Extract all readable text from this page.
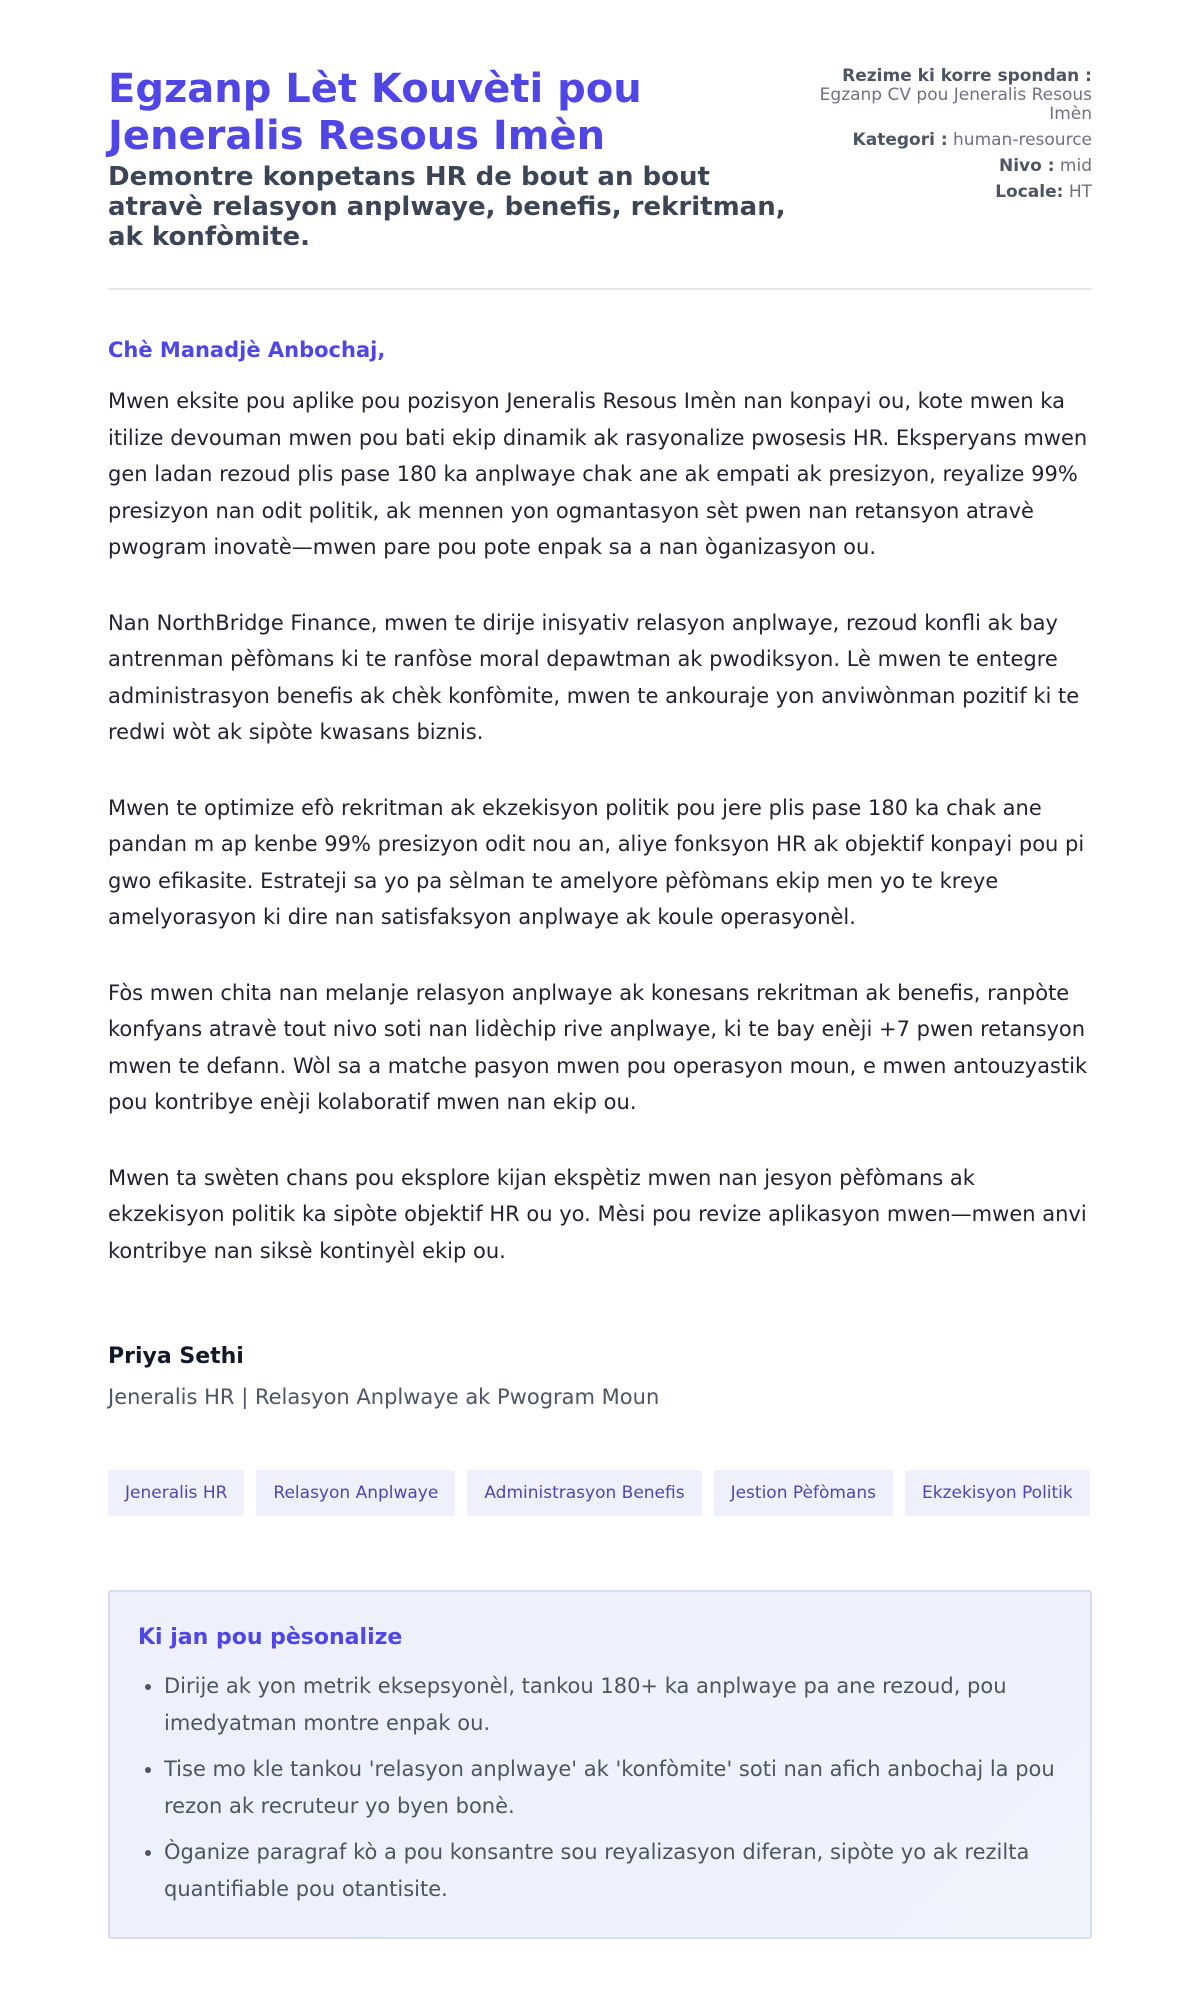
Egzanp Lèt Kouvèti pou Jeneralis Resous Imèn
Demontre konpetans HR de bout an bout atravè relasyon anplwaye, benefis, rekritman, ak konfòmite.
Rezime ki korre spondan :
Egzanp CV pou Jeneralis Resous Imèn
Kategori : human-resource
Nivo : mid
Locale: HT

Chè Manadjè Anbochaj,

Mwen eksite pou aplike pou pozisyon Jeneralis Resous Imèn nan konpayi ou, kote mwen ka itilize devouman mwen pou bati ekip dinamik ak rasyonalize pwosesis HR. Eksperyans mwen gen ladan rezoud plis pase 180 ka anplwaye chak ane ak empati ak presizyon, reyalize 99% presizyon nan odit politik, ak mennen yon ogmantasyon sèt pwen nan retansyon atravè pwogram inovatè—mwen pare pou pote enpak sa a nan òganizasyon ou.

Nan NorthBridge Finance, mwen te dirije inisyativ relasyon anplwaye, rezoud konfli ak bay antrenman pèfòmans ki te ranfòse moral depawtman ak pwodiksyon. Lè mwen te entegre administrasyon benefis ak chèk konfòmite, mwen te ankouraje yon anviwònman pozitif ki te redwi wòt ak sipòte kwasans biznis.

Mwen te optimize efò rekritman ak ekzekisyon politik pou jere plis pase 180 ka chak ane pandan m ap kenbe 99% presizyon odit nou an, aliye fonksyon HR ak objektif konpayi pou pi gwo efikasite. Estrateji sa yo pa sèlman te amelyore pèfòmans ekip men yo te kreye amelyorasyon ki dire nan satisfaksyon anplwaye ak koule operasyonèl.

Fòs mwen chita nan melanje relasyon anplwaye ak konesans rekritman ak benefis, ranpòte konfyans atravè tout nivo soti nan lidèchip rive anplwaye, ki te bay enèji +7 pwen retansyon mwen te defann. Wòl sa a matche pasyon mwen pou operasyon moun, e mwen antouzyastik pou kontribye enèji kolaboratif mwen nan ekip ou.

Mwen ta swèten chans pou eksplore kijan ekspètiz mwen nan jesyon pèfòmans ak ekzekisyon politik ka sipòte objektif HR ou yo. Mèsi pou revize aplikasyon mwen—mwen anvi kontribye nan siksè kontinyèl ekip ou.

Priya Sethi

Jeneralis HR | Relasyon Anplwaye ak Pwogram Moun

Jeneralis HR	Relasyon Anplwaye	Administrasyon Benefis	Jestion Pèfòmans	Ekzekisyon Politik
Ki jan pou pèsonalize
• Dirije ak yon metrik eksepsyonèl, tankou 180+ ka anplwaye pa ane rezoud, pou imedyatman montre enpak ou.
• Tise mo kle tankou 'relasyon anplwaye' ak 'konfòmite' soti nan afich anbochaj la pou rezon ak recruteur yo byen bonè.
• Òganize paragraf kò a pou konsantre sou reyalizasyon diferan, sipòte yo ak rezilta quantifiable pou otantisite.
